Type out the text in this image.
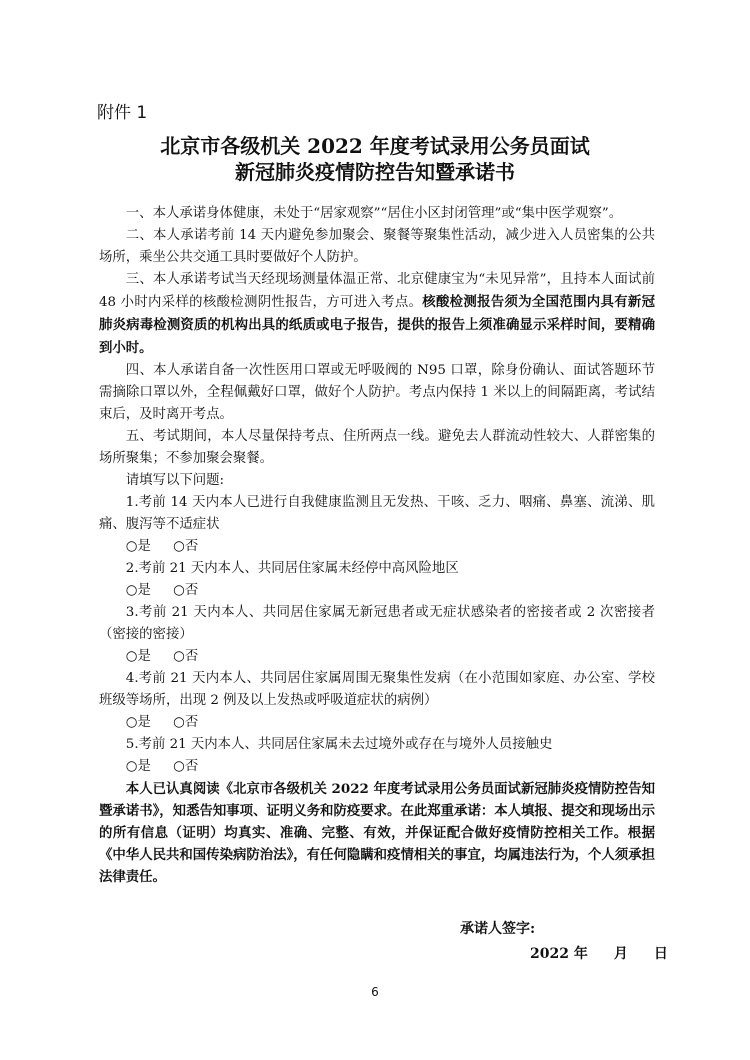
附件 1
北京市各级机关 2022 年度考试录用公务员面试
新冠肺炎疫情防控告知暨承诺书

一、本人承诺身体健康，未处于“居家观察”“居住小区封闭管理”或“集中医学观察”。

二、本人承诺考前 14 天内避免参加聚会、聚餐等聚集性活动，减少进入人员密集的公共场所，乘坐公共交通工具时要做好个人防护。

三、本人承诺考试当天经现场测量体温正常、北京健康宝为“未见异常”，且持本人面试前 48 小时内采样的核酸检测阴性报告，方可进入考点。核酸检测报告须为全国范围内具有新冠肺炎病毒检测资质的机构出具的纸质或电子报告，提供的报告上须准确显示采样时间，要精确到小时。

四、本人承诺自备一次性医用口罩或无呼吸阀的 N95 口罩，除身份确认、面试答题环节需摘除口罩以外，全程佩戴好口罩，做好个人防护。考点内保持 1 米以上的间隔距离，考试结束后，及时离开考点。

五、考试期间，本人尽量保持考点、住所两点一线。避免去人群流动性较大、人群密集的场所聚集；不参加聚会聚餐。

请填写以下问题:

1.考前 14 天内本人已进行自我健康监测且无发热、干咳、乏力、咽痛、鼻塞、流涕、肌痛、腹泻等不适症状

○是 ○否

2.考前 21 天内本人、共同居住家属未经停中高风险地区

○是 ○否

3.考前 21 天内本人、共同居住家属无新冠患者或无症状感染者的密接者或 2 次密接者（密接的密接）

○是 ○否

4.考前 21 天内本人、共同居住家属周围无聚集性发病（在小范围如家庭、办公室、学校班级等场所，出现 2 例及以上发热或呼吸道症状的病例）

○是 ○否

5.考前 21 天内本人、共同居住家属未去过境外或存在与境外人员接触史

○是 ○否

本人已认真阅读《北京市各级机关 2022 年度考试录用公务员面试新冠肺炎疫情防控告知暨承诺书》，知悉告知事项、证明义务和防疫要求。在此郑重承诺：本人填报、提交和现场出示的所有信息（证明）均真实、准确、完整、有效，并保证配合做好疫情防控相关工作。根据《中华人民共和国传染病防治法》，有任何隐瞒和疫情相关的事宜，均属违法行为，个人须承担法律责任。

承诺人签字:
2022 年 月 日
6
